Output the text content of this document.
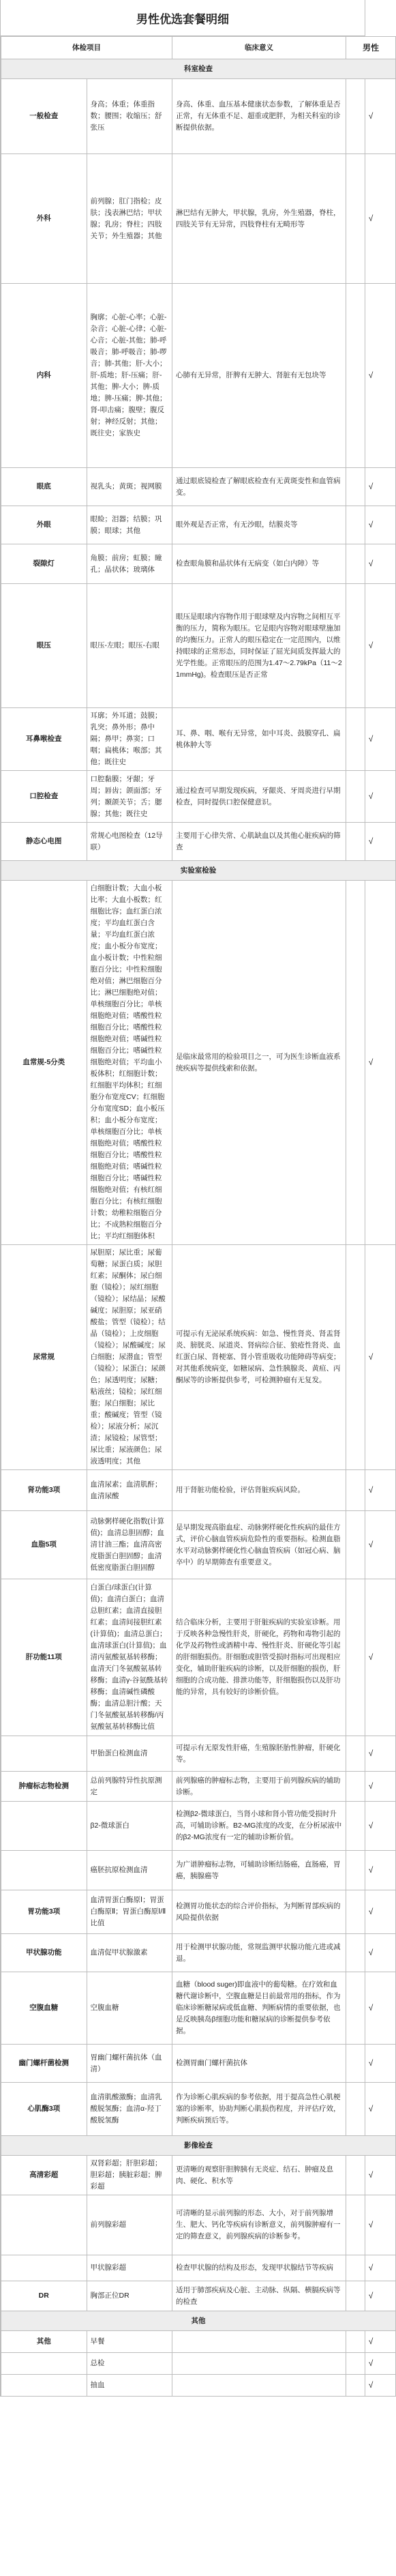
男性优选套餐明细
体检项目		临床意义	男性
科室检查			
一般检查	身高；体重；体重指数；腰围；收缩压；舒张压	身高、体重、血压基本健康状态参数，了解体重是否正常，有无体重不足、超重或肥胖，为相关科室的诊断提供依据。	√
外科	前列腺；肛门指检；皮肤；浅表淋巴结；甲状腺；乳房；脊柱；四肢关节；外生殖器；其他	淋巴结有无肿大，甲状腺，乳房，外生殖器，脊柱，四肢关节有无异常，四肢脊柱有无畸形等	√
内科	胸廓；心脏-心率；心脏-杂音；心脏-心律；心脏-心音；心脏-其他；肺-呼吸音；肺-呼吸音；肺-啰音；肺-其他；肝-大小；肝-质地；肝-压痛；肝-其他；脾-大小；脾-质地；脾-压痛；脾-其他；肾-叩击痛；腹壁；腹反射；神经反射；其他；既往史；家族史	心肺有无异常，肝脾有无肿大、肾脏有无包块等	√
眼底	视乳头；黄斑；视网膜	通过眼底镜检查了解眼底检查有无黄斑变性和血管病变。	√
外眼	眼睑；泪器；结膜；巩膜；眼球；其他	眼外观是否正常，有无沙眼，结膜炎等	√
裂隙灯	角膜；前房；虹膜；瞳孔；晶状体；玻璃体	检查眼角膜和晶状体有无病变（如白内障）等	√
眼压	眼压-左眼；眼压-右眼	眼压是眼球内容物作用于眼球壁及内容物之间相互平衡的压力，简称为眼压。它是眼内容物对眼球壁施加的均衡压力。正常人的眼压稳定在一定范围内，以维持眼球的正常形态，同时保证了屈光间质发挥最大的光学性能。正常眼压的范围为1.47～2.79kPa（11～21mmHg)。检查眼压是否正常	√
耳鼻喉检查	耳廓；外耳道；鼓膜；乳突；鼻外形；鼻中隔；鼻甲；鼻窦；口咽；扁桃体；喉部；其他；既往史	耳、鼻、咽、喉有无异常，如中耳炎、鼓膜穿孔、扁桃体肿大等	√
口腔检查	口腔黏膜；牙龈；牙周；唇齿；颌面部；牙列；颞颌关节；舌；腮腺；其他；既往史	通过检查可早期发现疾病，牙龈炎、牙周炎进行早期检查，同时提供口腔保健意识。	√
静态心电图	常规心电图检查（12导联）	主要用于心律失常、心肌缺血以及其他心脏疾病的筛查	√
实验室检验			
血常规-5分类	白细胞计数；大血小板比率；大血小板数；红细胞比容；血红蛋白浓度；平均血红蛋白含量；平均血红蛋白浓度；血小板分布宽度；血小板计数；中性粒细胞百分比；中性粒细胞绝对值；淋巴细胞百分比；淋巴细胞绝对值；单核细胞百分比；单核细胞绝对值；嗜酸性粒细胞百分比；嗜酸性粒细胞绝对值；嗜碱性粒细胞百分比；嗜碱性粒细胞绝对值；平均血小板体积；红细胞计数；红细胞平均体积；红细胞分布宽度CV；红细胞分布宽度SD；血小板压积；血小板分布宽度；单核细胞百分比；单核细胞绝对值；嗜酸性粒细胞百分比；嗜酸性粒细胞绝对值；嗜碱性粒细胞百分比；嗜碱性粒细胞绝对值；有核红细胞百分比；有核红细胞计数；幼稚粒细胞百分比；不成熟粒细胞百分比；平均红细胞体积	是临床最常用的检验项目之一，可为医生诊断血液系统疾病等提供线索和依据。	√
尿常规	尿胆原；尿比重；尿葡萄糖；尿蛋白质；尿胆红素；尿酮体；尿白细胞（镜检）；尿红细胞（镜检）；尿结晶；尿酸碱度；尿胆原；尿亚硝酸盐；管型（镜检）；结晶（镜检）；上皮细胞（镜检）；尿酸碱度；尿白细胞；尿潜血；管型（镜检）；尿蛋白；尿颜色；尿透明度；尿糖；粘液丝；镜检；尿红细胞；尿白细胞；尿比重；酸碱度；管型（镜检）；尿液分析；尿沉渣；尿镜检；尿管型；尿比重；尿液颜色；尿液透明度；其他	可提示有无泌尿系统疾病：如急、慢性肾炎、肾盂肾炎、膀胱炎、尿道炎、肾病综合征、狼疮性肾炎、血红蛋白尿、肾梗塞、肾小管重吸收功能障碍等病变；对其他系统病变，如糖尿病、急性胰腺炎、黄疸、丙酮尿等的诊断提供参考，可检测肿瘤有无复发。	√
肾功能3项	血清尿素；血清肌酐；血清尿酸	用于肾脏功能检验，评估肾脏疾病风险。	√
血脂5项	动脉粥样硬化指数(计算值)；血清总胆固醇；血清甘油三酯；血清高密度脂蛋白胆固醇；血清低密度脂蛋白胆固醇	是早期发现高脂血症、动脉粥样硬化性疾病的最佳方式，评价心脑血管疾病危险性的重要指标。检测血脂水平对动脉粥样硬化性心脑血管疾病（如冠心病、脑卒中）的早期筛查有重要意义。	√
肝功能11项	白蛋白/球蛋白(计算值)；血清白蛋白；血清总胆红素；血清直接胆红素；血清间接胆红素(计算值)；血清总蛋白；血清球蛋白(计算值)；血清丙氨酸氨基转移酶；血清天门冬氨酸氨基转移酶；血清γ-谷氨酰基转移酶；血清碱性磷酸酶；血清总胆汁酸；天门冬氨酸氨基转移酶/丙氨酸氨基转移酶比值	结合临床分析，主要用于肝脏疾病的实验室诊断。用于反映各种急慢性肝炎，肝硬化，药物和毒物引起的化学及药物性或酒精中毒、慢性肝炎、肝硬化等引起的肝细胞损伤。肝细胞或胆管受损时指标可出现相应变化，辅助肝脏疾病的诊断，以及肝细胞的损伤，肝细胞的合成功能、排泄功能等，肝细胞损伤以及肝功能的异常，具有较好的诊断价值。	√
	甲胎蛋白检测血清	可提示有无原发性肝癌，生殖腺胚胎性肿瘤，肝硬化等。	√
肿瘤标志物检测	总前列腺特异性抗原测定	前列腺癌的肿瘤标志物，主要用于前列腺疾病的辅助诊断。	√
	β2-微球蛋白	检测β2-微球蛋白，当肾小球和肾小管功能受损时升高，可辅助诊断。B2-MG浓度的改变，在分析尿液中的β2-MG浓度有一定的辅助诊断价值。	√
	癌胚抗原检测血清	为广谱肿瘤标志物，可辅助诊断结肠癌，直肠癌，胃癌，胰腺癌等	√
胃功能3项	血清胃蛋白酶原Ⅰ；胃蛋白酶原Ⅱ；胃蛋白酶原Ⅰ/Ⅱ比值	检测胃功能状态的综合评价指标，为判断胃部疾病的风险提供依据	√
甲状腺功能	血清促甲状腺激素	用于检测甲状腺功能，常规监测甲状腺功能亢进或减退。	√
空腹血糖	空腹血糖	血糖（blood suger)即血液中的葡萄糖。在疗效和血糖代谢诊断中，空腹血糖是目前最常用的指标，作为临床诊断糖尿病或低血糖、判断病情的重要依据，也是反映胰岛β细胞功能和糖尿病的诊断提供参考依据。	√
幽门螺杆菌检测	胃幽门螺杆菌抗体（血清）	检测胃幽门螺杆菌抗体	√
心肌酶3项	血清肌酸激酶；血清乳酸脱氢酶；血清α-羟丁酸脱氢酶	作为诊断心肌疾病的参考依据，用于提高急性心肌梗塞的诊断率，协助判断心肌损伤程度，并评估疗效，判断疾病预后等。	√
影像检查			
高清彩超	双肾彩超；肝胆彩超；胆彩超；胰脏彩超；脾彩超	更清晰的观察肝胆脾胰有无炎症、结石、肿瘤及息肉、硬化、积水等	√
	前列腺彩超	可清晰的显示前列腺的形态、大小，对于前列腺增生、肥大、钙化等疾病有诊断意义，前列腺肿瘤有一定的筛查意义，前列腺疾病的诊断参考。	√
	甲状腺彩超	检查甲状腺的结构及形态，发现甲状腺结节等疾病	√
DR	胸部正位DR	适用于肺部疾病及心脏、主动脉、纵隔、横膈疾病等的检查	√
其他			
其他	早餐		√
	总检		√
	抽血		√
